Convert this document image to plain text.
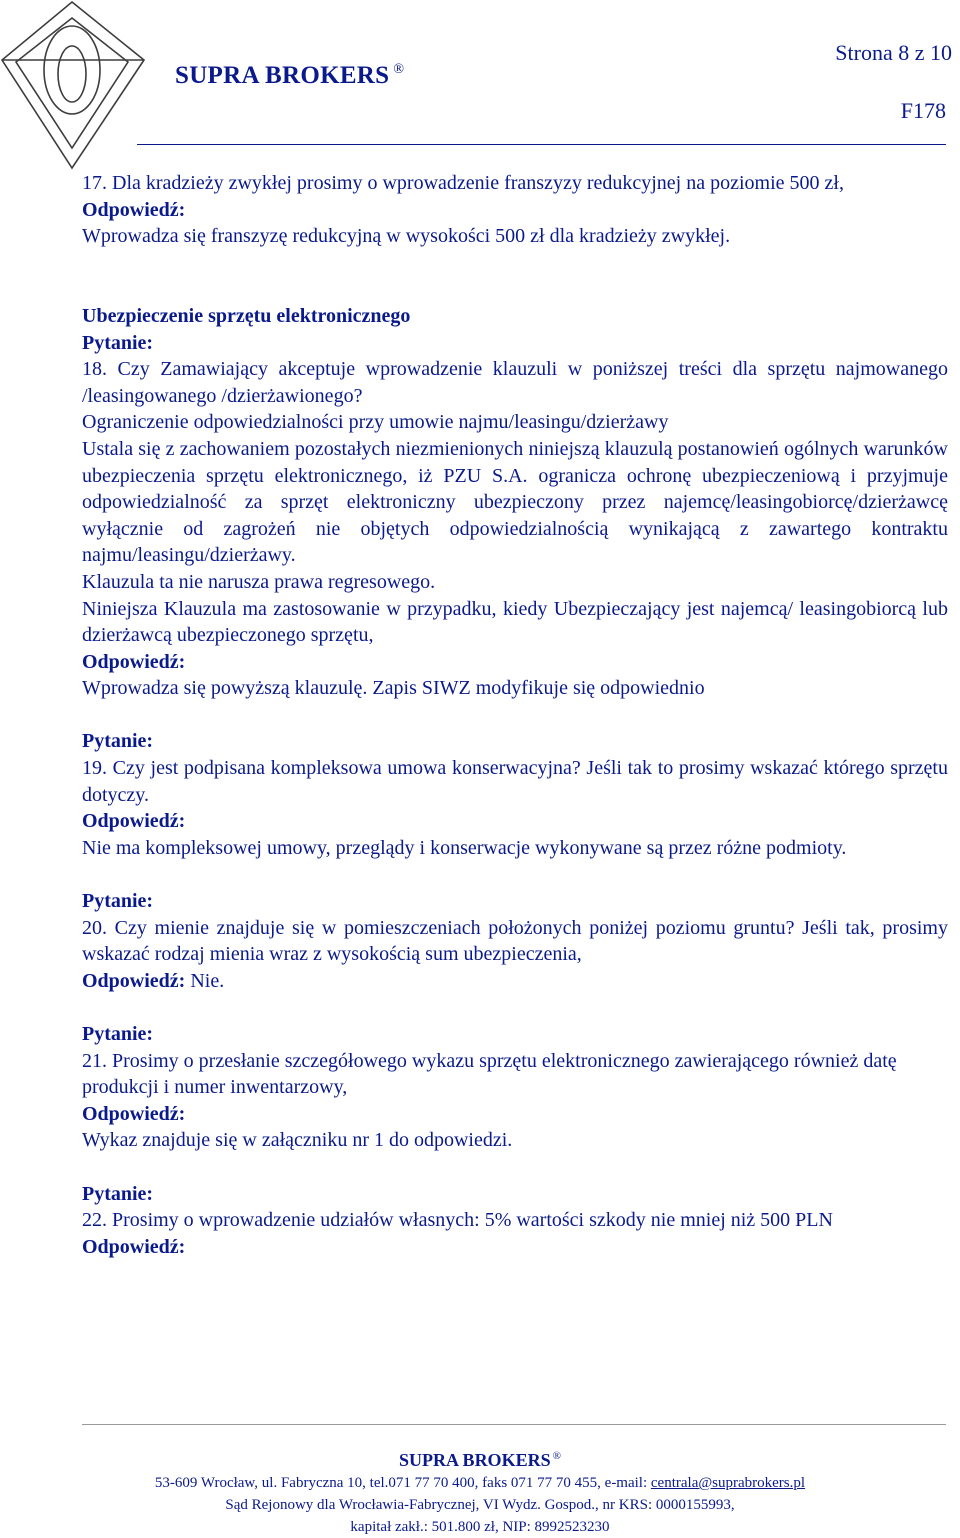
SUPRA BROKERS ®
Strona 8 z 10
F178

17. Dla kradzieży zwykłej prosimy o wprowadzenie franszyzy redukcyjnej na poziomie 500 zł,

Odpowiedź:

Wprowadza się franszyzę redukcyjną w wysokości 500 zł dla kradzieży zwykłej.

Ubezpieczenie sprzętu elektronicznego

Pytanie:

18. Czy Zamawiający akceptuje wprowadzenie klauzuli w poniższej treści dla sprzętu najmowanego /leasingowanego /dzierżawionego?

Ograniczenie odpowiedzialności przy umowie najmu/leasingu/dzierżawy

Ustala się z zachowaniem pozostałych niezmienionych niniejszą klauzulą postanowień ogólnych warunków ubezpieczenia sprzętu elektronicznego, iż PZU S.A. ogranicza ochronę ubezpieczeniową i przyjmuje odpowiedzialność za sprzęt elektroniczny ubezpieczony przez najemcę/leasingobiorcę/dzierżawcę wyłącznie od zagrożeń nie objętych odpowiedzialnością wynikającą z zawartego kontraktu najmu/leasingu/dzierżawy.

Klauzula ta nie narusza prawa regresowego.

Niniejsza Klauzula ma zastosowanie w przypadku, kiedy Ubezpieczający jest najemcą/ leasingobiorcą lub dzierżawcą ubezpieczonego sprzętu,

Odpowiedź:

Wprowadza się powyższą klauzulę. Zapis SIWZ modyfikuje się odpowiednio

Pytanie:

19. Czy jest podpisana kompleksowa umowa konserwacyjna? Jeśli tak to prosimy wskazać którego sprzętu dotyczy.

Odpowiedź:

Nie ma kompleksowej umowy, przeglądy i konserwacje wykonywane są przez różne podmioty.

Pytanie:

20. Czy mienie znajduje się w pomieszczeniach położonych poniżej poziomu gruntu? Jeśli tak, prosimy wskazać rodzaj mienia wraz z wysokością sum ubezpieczenia,

Odpowiedź: Nie.

Pytanie:

21. Prosimy o przesłanie szczegółowego wykazu sprzętu elektronicznego zawierającego również datę produkcji i numer inwentarzowy,

Odpowiedź:

Wykaz znajduje się w załączniku nr 1 do odpowiedzi.

Pytanie:

22. Prosimy o wprowadzenie udziałów własnych: 5% wartości szkody nie mniej niż 500 PLN

Odpowiedź:

SUPRA BROKERS ®
53-609 Wrocław, ul. Fabryczna 10, tel.071 77 70 400, faks 071 77 70 455, e-mail: centrala@suprabrokers.pl
Sąd Rejonowy dla Wrocławia-Fabrycznej, VI Wydz. Gospod., nr KRS: 0000155993,
kapitał zakł.: 501.800 zł, NIP: 8992523230
